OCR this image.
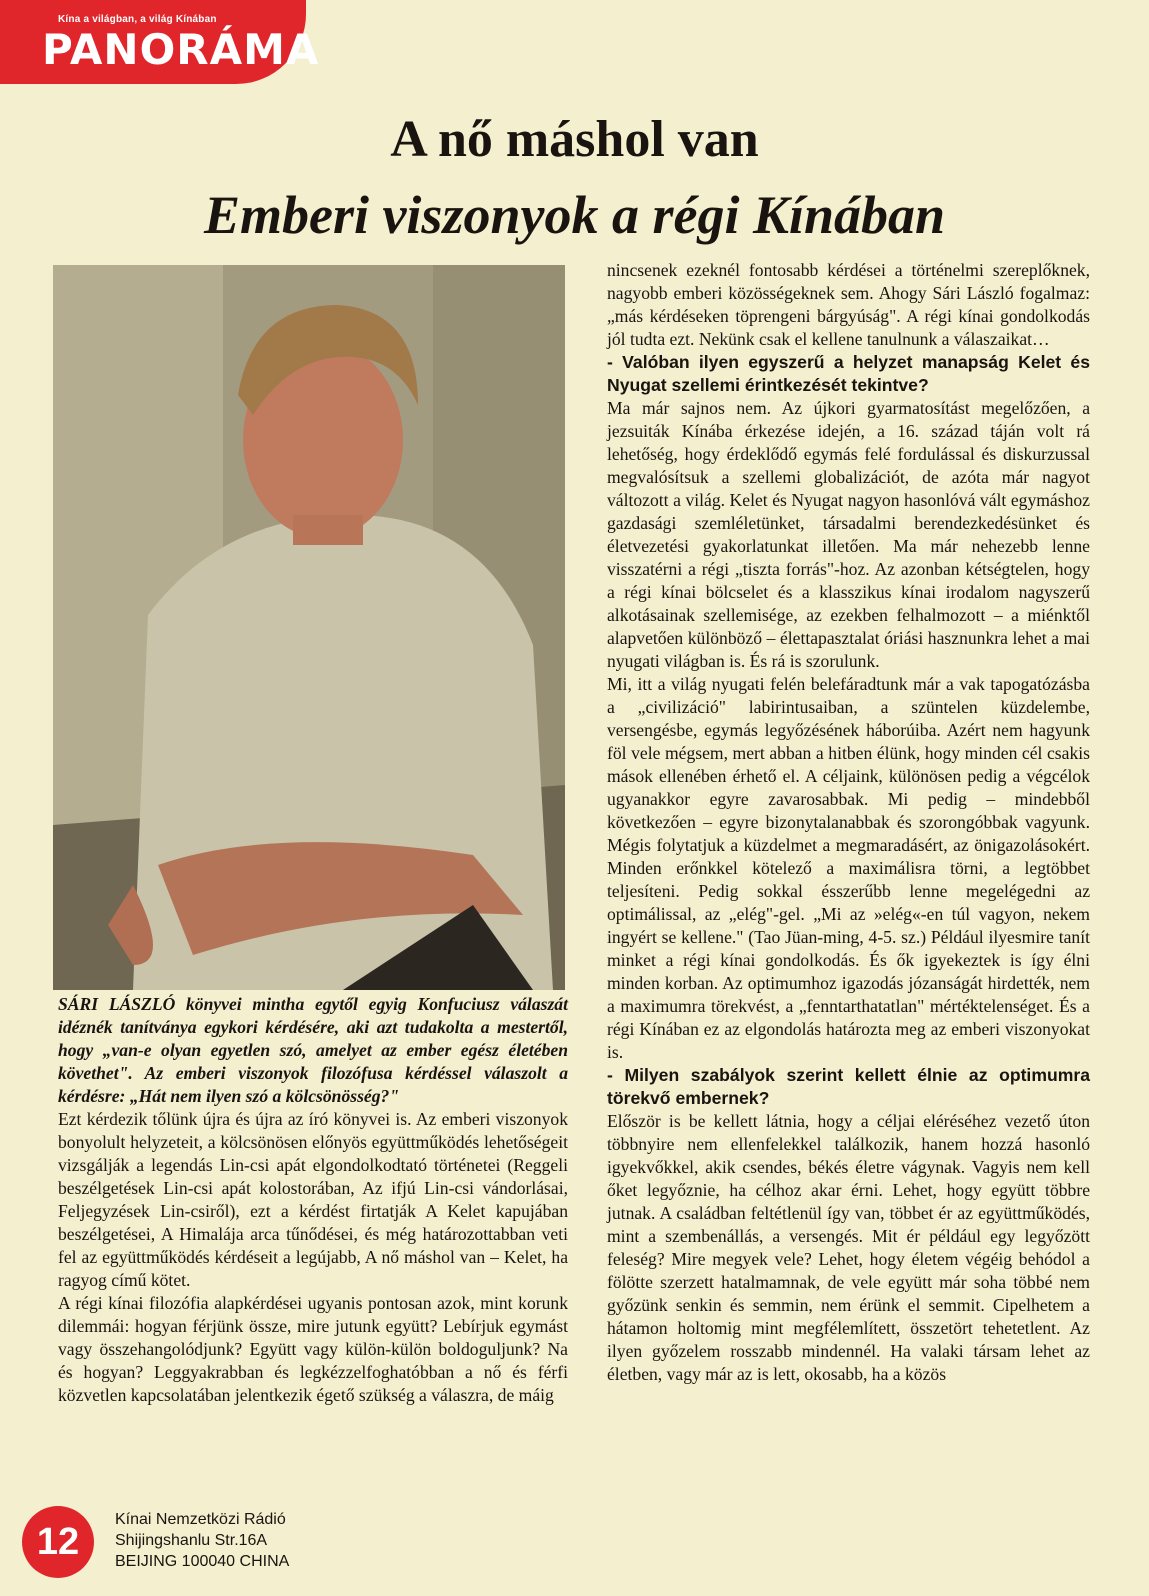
Kína a világban, a világ Kínában
PANORÁMA
A nő máshol van
Emberi viszonyok a régi Kínában

SÁRI LÁSZLÓ könyvei mintha egytől egyig Konfuciusz válaszát idéznék tanítványa egykori kérdésére, aki azt tudakolta a mestertől, hogy „van-e olyan egyetlen szó, amelyet az ember egész életében követhet". Az emberi viszonyok filozófusa kérdéssel válaszolt a kérdésre: „Hát nem ilyen szó a kölcsönösség?"

Ezt kérdezik tőlünk újra és újra az író könyvei is. Az emberi viszonyok bonyolult helyzeteit, a kölcsönösen előnyös együttműködés lehetőségeit vizsgálják a legendás Lin-csi apát elgondolkodtató történetei (Reggeli beszélgetések Lin-csi apát kolostorában, Az ifjú Lin-csi vándorlásai, Feljegyzések Lin-csiről), ezt a kérdést firtatják A Kelet kapujában beszélgetései, A Himalája arca tűnődései, és még határozottabban veti fel az együttműködés kérdéseit a legújabb, A nő máshol van – Kelet, ha ragyog című kötet.

A régi kínai filozófia alapkérdései ugyanis pontosan azok, mint korunk dilemmái: hogyan férjünk össze, mire jutunk együtt? Lebírjuk egymást vagy összehangolódjunk? Együtt vagy külön-külön boldoguljunk? Na és hogyan? Leggyakrabban és legkézzelfoghatóbban a nő és férfi közvetlen kapcsolatában jelentkezik égető szükség a válaszra, de máig

nincsenek ezeknél fontosabb kérdései a történelmi szereplőknek, nagyobb emberi közösségeknek sem. Ahogy Sári László fogalmaz: „más kérdéseken töprengeni bárgyúság". A régi kínai gondolkodás jól tudta ezt. Nekünk csak el kellene tanulnunk a válaszaikat…

- Valóban ilyen egyszerű a helyzet manapság Kelet és Nyugat szellemi érintkezését tekintve?

Ma már sajnos nem. Az újkori gyarmatosítást megelőzően, a jezsuiták Kínába érkezése idején, a 16. század táján volt rá lehetőség, hogy érdeklődő egymás felé fordulással és diskurzussal megvalósítsuk a szellemi globalizációt, de azóta már nagyot változott a világ. Kelet és Nyugat nagyon hasonlóvá vált egymáshoz gazdasági szemléletünket, társadalmi berendezkedésünket és életvezetési gyakorlatunkat illetően. Ma már nehezebb lenne visszatérni a régi „tiszta forrás"-hoz. Az azonban kétségtelen, hogy a régi kínai bölcselet és a klasszikus kínai irodalom nagyszerű alkotásainak szellemisége, az ezekben felhalmozott – a miénktől alapvetően különböző – élettapasztalat óriási hasznunkra lehet a mai nyugati világban is. És rá is szorulunk.

Mi, itt a világ nyugati felén belefáradtunk már a vak tapogatózásba a „civilizáció" labirintusaiban, a szüntelen küzdelembe, versengésbe, egymás legyőzésének háborúiba. Azért nem hagyunk föl vele mégsem, mert abban a hitben élünk, hogy minden cél csakis mások ellenében érhető el. A céljaink, különösen pedig a végcélok ugyanakkor egyre zavarosabbak. Mi pedig – mindebből következően – egyre bizonytalanabbak és szorongóbbak vagyunk. Mégis folytatjuk a küzdelmet a megmaradásért, az önigazolásokért. Minden erőnkkel kötelező a maximálisra törni, a legtöbbet teljesíteni. Pedig sokkal ésszerűbb lenne megelégedni az optimálissal, az „elég"-gel. „Mi az »elég«-en túl vagyon, nekem ingyért se kellene." (Tao Jüan-ming, 4-5. sz.) Például ilyesmire tanít minket a régi kínai gondolkodás. És ők igyekeztek is így élni minden korban. Az optimumhoz igazodás józanságát hirdették, nem a maximumra törekvést, a „fenntarthatatlan" mértéktelenséget. És a régi Kínában ez az elgondolás határozta meg az emberi viszonyokat is.

- Milyen szabályok szerint kellett élnie az optimumra törekvő embernek?

Először is be kellett látnia, hogy a céljai eléréséhez vezető úton többnyire nem ellenfelekkel találkozik, hanem hozzá hasonló igyekvőkkel, akik csendes, békés életre vágynak. Vagyis nem kell őket legyőznie, ha célhoz akar érni. Lehet, hogy együtt többre jutnak. A családban feltétlenül így van, többet ér az együttműködés, mint a szembenállás, a versengés. Mit ér például egy legyőzött feleség? Mire megyek vele? Lehet, hogy életem végéig behódol a fölötte szerzett hatalmamnak, de vele együtt már soha többé nem győzünk senkin és semmin, nem érünk el semmit. Cipelhetem a hátamon holtomig mint megfélemlített, összetört tehetetlent. Az ilyen győzelem rosszabb mindennél. Ha valaki társam lehet az életben, vagy már az is lett, okosabb, ha a közös

12
Kínai Nemzetközi Rádió
Shijingshanlu Str.16A
BEIJING 100040 CHINA
